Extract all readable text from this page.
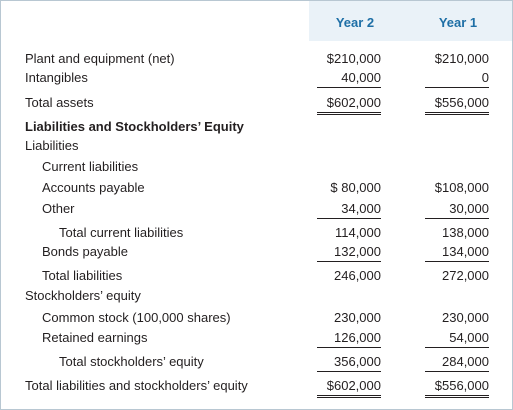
Year 2	Year 1
Plant and equipment (net)	$210,000	$210,000
Intangibles	40,000	0
Total assets	$602,000	$556,000
Liabilities and Stockholders’ Equity
Liabilities
Current liabilities
Accounts payable	$ 80,000	$108,000
Other	34,000	30,000
Total current liabilities	114,000	138,000
Bonds payable	132,000	134,000
Total liabilities	246,000	272,000
Stockholders’ equity
Common stock (100,000 shares)	230,000	230,000
Retained earnings	126,000	54,000
Total stockholders’ equity	356,000	284,000
Total liabilities and stockholders’ equity	$602,000	$556,000
